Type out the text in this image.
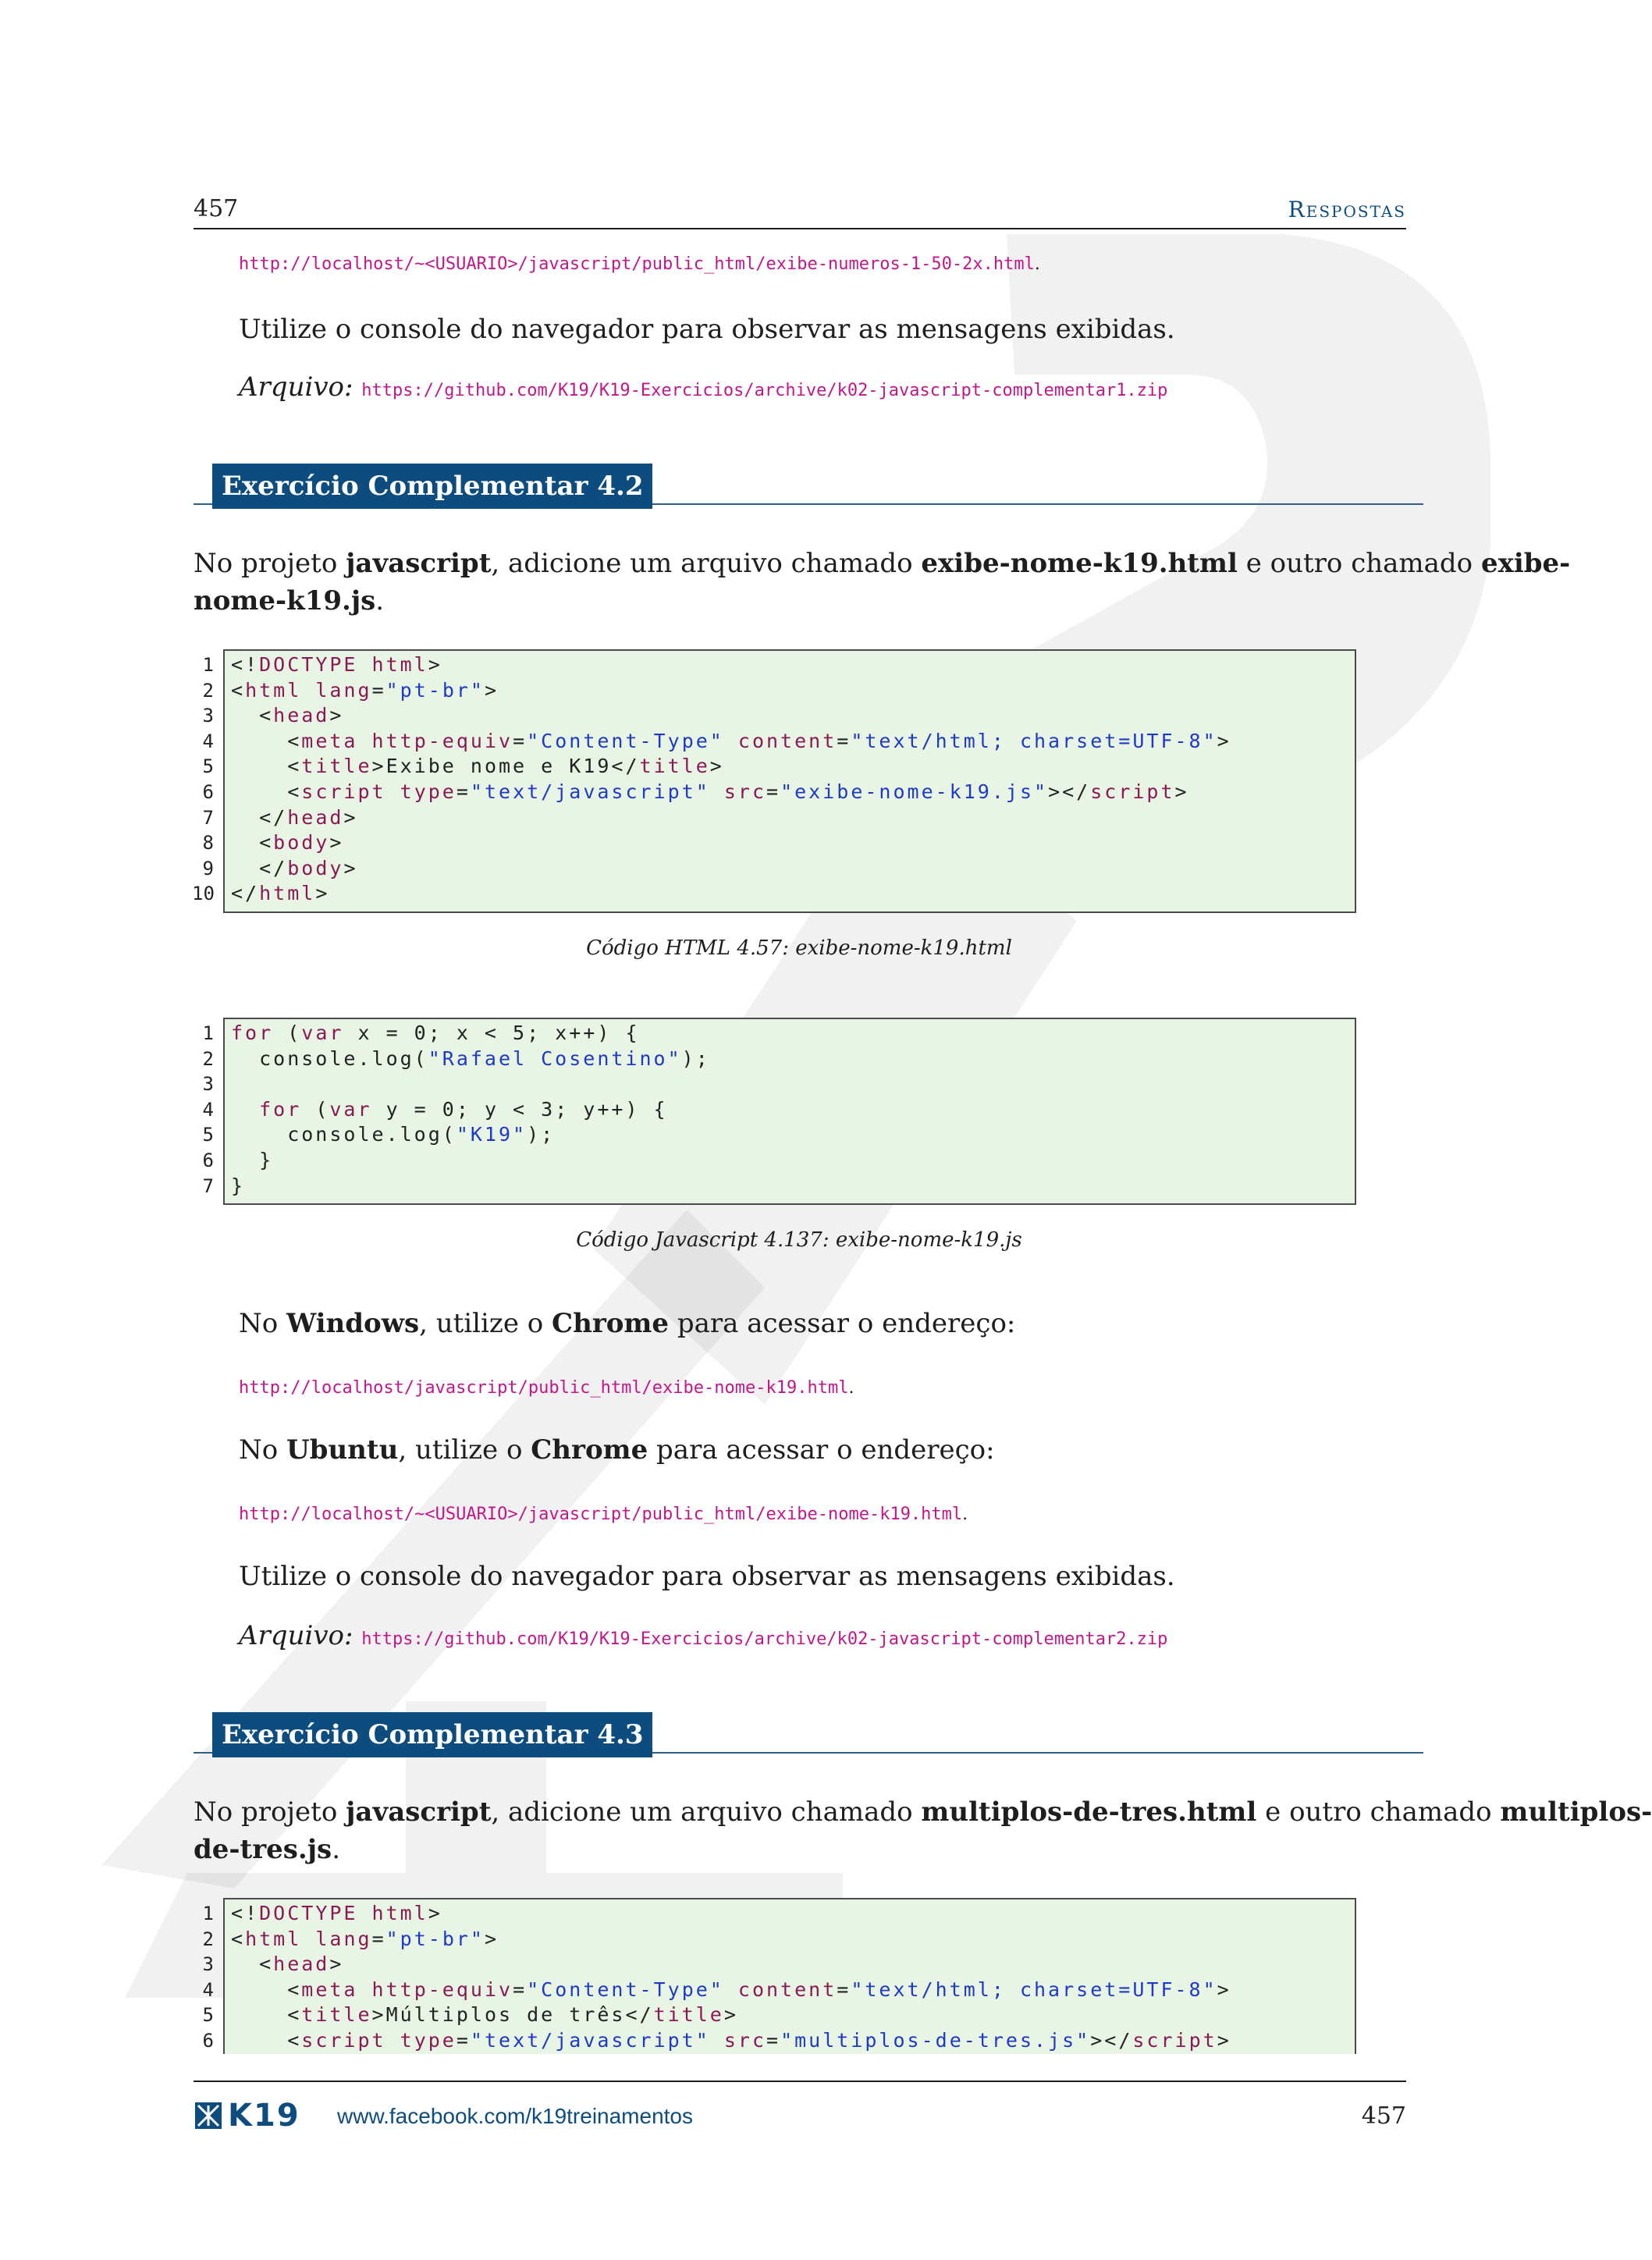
457	Respostas
http://localhost/~<USUARIO>/javascript/public_html/exibe-numeros-1-50-2x.html.
Utilize o console do navegador para observar as mensagens exibidas.
Arquivo: https://github.com/K19/K19-Exercicios/archive/k02-javascript-complementar1.zip
Exercício Complementar 4.2
No projeto javascript, adicione um arquivo chamado exibe-nome-k19.html e outro chamado exibe-
nome-k19.js.
1
2
3
4
5
6
7
8
9
10
<!DOCTYPE html>
<html lang="pt-br">
<head>
<meta http-equiv="Content-Type" content="text/html; charset=UTF-8">
<title>Exibe nome e K19</title>
<script type="text/javascript" src="exibe-nome-k19.js"></script>
</head>
<body>
</body>
</html>
Código HTML 4.57: exibe-nome-k19.html
1
2
3
4
5
6
7
for (var x = 0; x < 5; x++) {
console.log("Rafael Cosentino");
for (var y = 0; y < 3; y++) {
console.log("K19");
}
}
Código Javascript 4.137: exibe-nome-k19.js
No Windows, utilize o Chrome para acessar o endereço:
http://localhost/javascript/public_html/exibe-nome-k19.html.
No Ubuntu, utilize o Chrome para acessar o endereço:
http://localhost/~<USUARIO>/javascript/public_html/exibe-nome-k19.html.
Utilize o console do navegador para observar as mensagens exibidas.
Arquivo: https://github.com/K19/K19-Exercicios/archive/k02-javascript-complementar2.zip
Exercício Complementar 4.3
No projeto javascript, adicione um arquivo chamado multiplos-de-tres.html e outro chamado multiplos-
de-tres.js.
1
2
3
4
5
6
<!DOCTYPE html>
<html lang="pt-br">
<head>
<meta http-equiv="Content-Type" content="text/html; charset=UTF-8">
<title>Múltiplos de três</title>
<script type="text/javascript" src="multiplos-de-tres.js"></script>
K19 www.facebook.com/k19treinamentos	457
